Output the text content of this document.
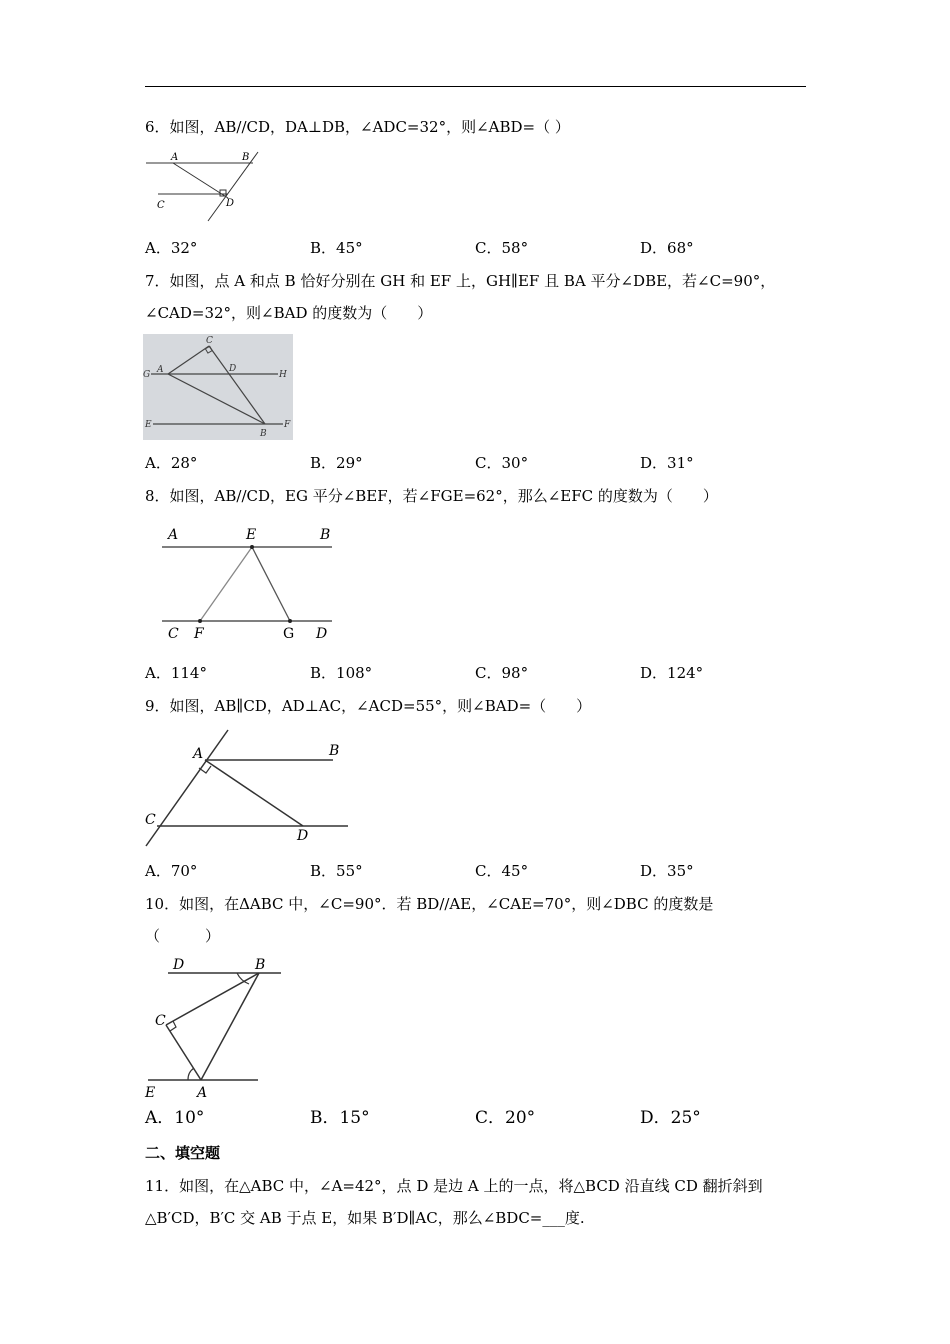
6．如图，AB//CD，DA⊥DB，∠ADC=32°，则∠ABD=（ ）
A	B
C	D
A．32°	B．45°	C．58°	D．68°
7．如图，点 A 和点 B 恰好分别在 GH 和 EF 上，GH∥EF 且 BA 平分∠DBE，若∠C=90°，
∠CAD=32°，则∠BAD 的度数为（　　）
C
G A	D
H
E
B
F
A．28°	B．29°	C．30°	D．31°
8．如图，AB//CD，EG 平分∠BEF，若∠FGE=62°，那么∠EFC 的度数为（　　）
A	E	B
C F	G D
A．114°	B．108°	C．98°	D．124°
9．如图，AB∥CD，AD⊥AC，∠ACD=55°，则∠BAD=（　　）
A	B
C
D
A．70°	B．55°	C．45°	D．35°
10．如图，在ΔABC 中，∠C=90°．若 BD//AE，∠CAE=70°，则∠DBC 的度数是
（　　　）
D	B
C
E	A
A．10°	B．15°	C．20°	D．25°
二、填空题
11．如图，在△ABC 中，∠A=42°，点 D 是边 A 上的一点，将△BCD 沿直线 CD 翻折斜到
△B′CD，B′C 交 AB 于点 E，如果 B′D∥AC，那么∠BDC=___度.
